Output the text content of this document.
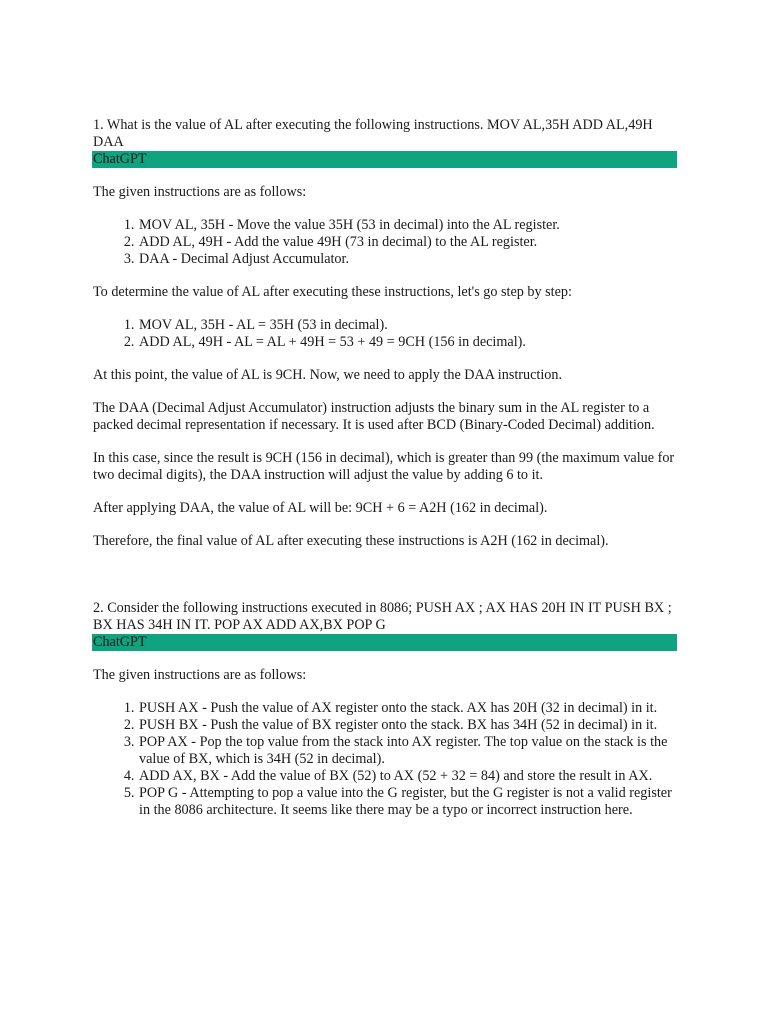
1. What is the value of AL after executing the following instructions. MOV AL,35H ADD AL,49H DAA

ChatGPT

The given instructions are as follows:

1. MOV AL, 35H - Move the value 35H (53 in decimal) into the AL register.
2. ADD AL, 49H - Add the value 49H (73 in decimal) to the AL register.
3. DAA - Decimal Adjust Accumulator.

To determine the value of AL after executing these instructions, let's go step by step:

1. MOV AL, 35H - AL = 35H (53 in decimal).
2. ADD AL, 49H - AL = AL + 49H = 53 + 49 = 9CH (156 in decimal).

At this point, the value of AL is 9CH. Now, we need to apply the DAA instruction.

The DAA (Decimal Adjust Accumulator) instruction adjusts the binary sum in the AL register to a packed decimal representation if necessary. It is used after BCD (Binary-Coded Decimal) addition.

In this case, since the result is 9CH (156 in decimal), which is greater than 99 (the maximum value for two decimal digits), the DAA instruction will adjust the value by adding 6 to it.

After applying DAA, the value of AL will be: 9CH + 6 = A2H (162 in decimal).

Therefore, the final value of AL after executing these instructions is A2H (162 in decimal).

2. Consider the following instructions executed in 8086; PUSH AX ; AX HAS 20H IN IT PUSH BX ; BX HAS 34H IN IT. POP AX ADD AX,BX POP G

ChatGPT

The given instructions are as follows:

1. PUSH AX - Push the value of AX register onto the stack. AX has 20H (32 in decimal) in it.
2. PUSH BX - Push the value of BX register onto the stack. BX has 34H (52 in decimal) in it.
3. POP AX - Pop the top value from the stack into AX register. The top value on the stack is the value of BX, which is 34H (52 in decimal).
4. ADD AX, BX - Add the value of BX (52) to AX (52 + 32 = 84) and store the result in AX.
5. POP G - Attempting to pop a value into the G register, but the G register is not a valid register in the 8086 architecture. It seems like there may be a typo or incorrect instruction here.
